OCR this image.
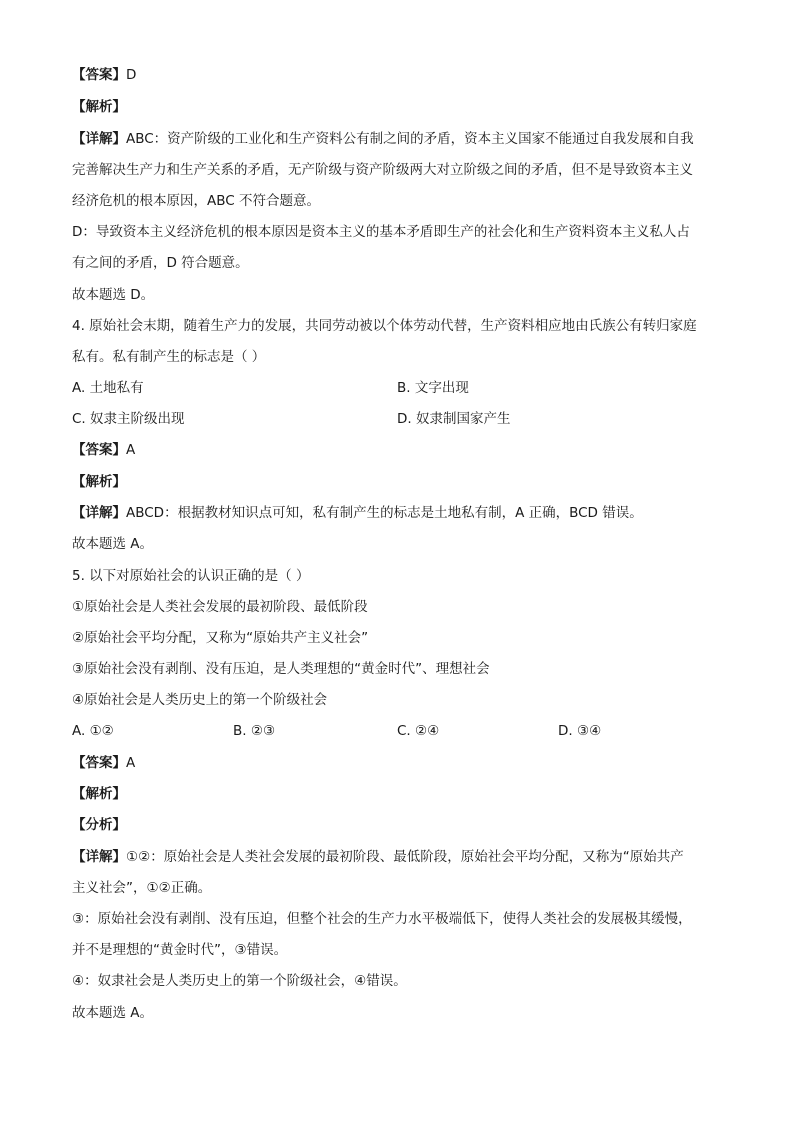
【答案】D
【解析】
【详解】ABC：资产阶级的工业化和生产资料公有制之间的矛盾，资本主义国家不能通过自我发展和自我
完善解决生产力和生产关系的矛盾，无产阶级与资产阶级两大对立阶级之间的矛盾，但不是导致资本主义
经济危机的根本原因，ABC 不符合题意。
D：导致资本主义经济危机的根本原因是资本主义的基本矛盾即生产的社会化和生产资料资本主义私人占
有之间的矛盾，D 符合题意。
故本题选 D。
4. 原始社会末期，随着生产力的发展，共同劳动被以个体劳动代替，生产资料相应地由氏族公有转归家庭
私有。私有制产生的标志是（ ）
A. 土地私有	B. 文字出现
C. 奴隶主阶级出现	D. 奴隶制国家产生
【答案】A
【解析】
【详解】ABCD：根据教材知识点可知，私有制产生的标志是土地私有制，A 正确，BCD 错误。
故本题选 A。
5. 以下对原始社会的认识正确的是（ ）
①原始社会是人类社会发展的最初阶段、最低阶段
②原始社会平均分配，又称为“原始共产主义社会”
③原始社会没有剥削、没有压迫，是人类理想的“黄金时代”、理想社会
④原始社会是人类历史上的第一个阶级社会
A. ①②	B. ②③	C. ②④	D. ③④
【答案】A
【解析】
【分析】
【详解】①②：原始社会是人类社会发展的最初阶段、最低阶段，原始社会平均分配，又称为“原始共产
主义社会”，①②正确。
③：原始社会没有剥削、没有压迫，但整个社会的生产力水平极端低下，使得人类社会的发展极其缓慢，
并不是理想的“黄金时代”，③错误。
④：奴隶社会是人类历史上的第一个阶级社会，④错误。
故本题选 A。
